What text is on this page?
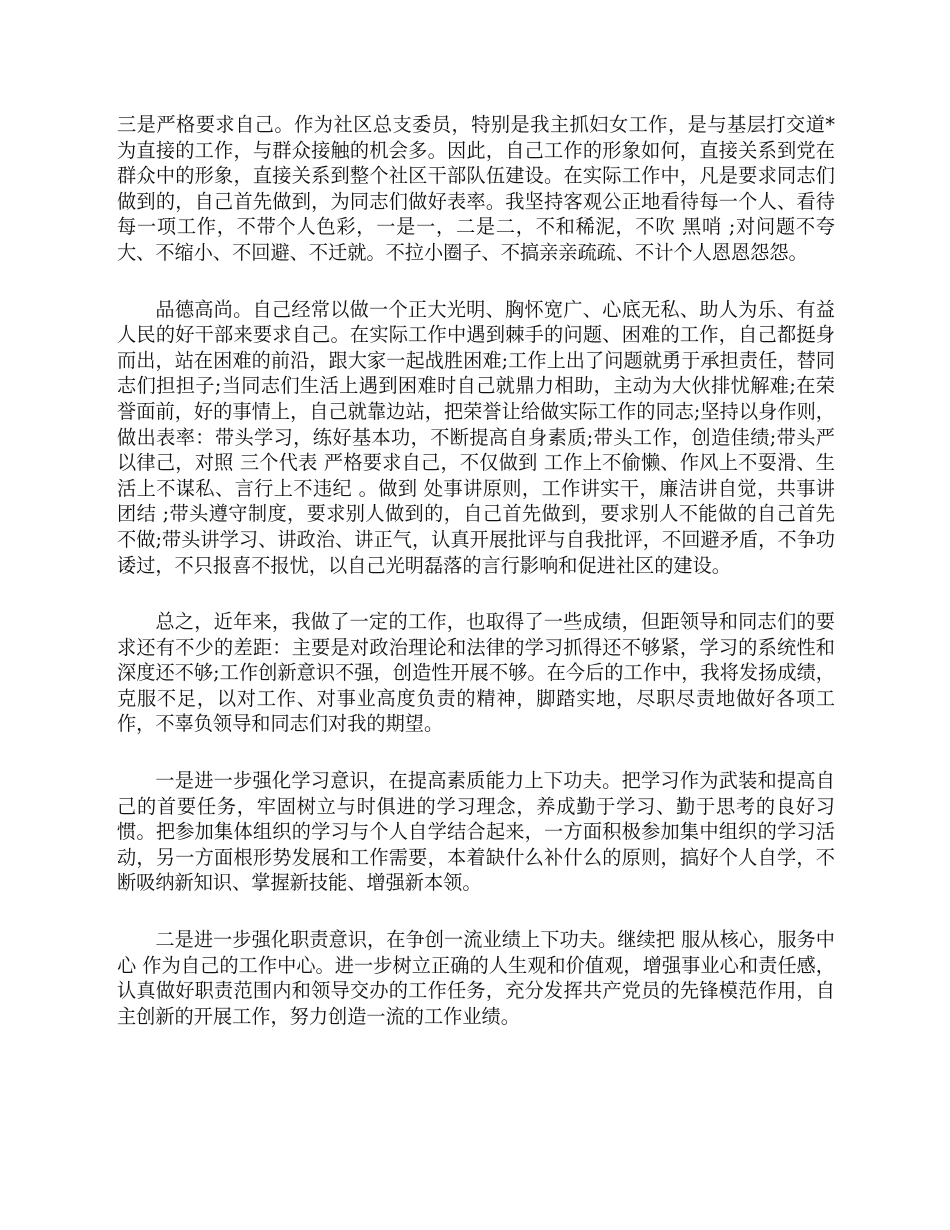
三是严格要求自己。作为社区总支委员，特别是我主抓妇女工作，是与基层打交道*为直接的工作，与群众接触的机会多。因此，自己工作的形象如何，直接关系到党在群众中的形象，直接关系到整个社区干部队伍建设。在实际工作中，凡是要求同志们做到的，自己首先做到，为同志们做好表率。我坚持客观公正地看待每一个人、看待每一项工作，不带个人色彩，一是一，二是二，不和稀泥，不吹 黑哨 ;对问题不夸大、不缩小、不回避、不迁就。不拉小圈子、不搞亲亲疏疏、不计个人恩恩怨怨。

品德高尚。自己经常以做一个正大光明、胸怀宽广、心底无私、助人为乐、有益人民的好干部来要求自己。在实际工作中遇到棘手的问题、困难的工作，自己都挺身而出，站在困难的前沿，跟大家一起战胜困难;工作上出了问题就勇于承担责任，替同志们担担子;当同志们生活上遇到困难时自己就鼎力相助，主动为大伙排忧解难;在荣誉面前，好的事情上，自己就靠边站，把荣誉让给做实际工作的同志;坚持以身作则，做出表率：带头学习，练好基本功，不断提高自身素质;带头工作，创造佳绩;带头严以律己，对照 三个代表 严格要求自己，不仅做到 工作上不偷懒、作风上不耍滑、生活上不谋私、言行上不违纪 。做到 处事讲原则，工作讲实干，廉洁讲自觉，共事讲团结 ;带头遵守制度，要求别人做到的，自己首先做到，要求别人不能做的自己首先不做;带头讲学习、讲政治、讲正气，认真开展批评与自我批评，不回避矛盾，不争功诿过，不只报喜不报忧，以自己光明磊落的言行影响和促进社区的建设。

总之，近年来，我做了一定的工作，也取得了一些成绩，但距领导和同志们的要求还有不少的差距：主要是对政治理论和法律的学习抓得还不够紧，学习的系统性和深度还不够;工作创新意识不强，创造性开展不够。在今后的工作中，我将发扬成绩，克服不足，以对工作、对事业高度负责的精神，脚踏实地，尽职尽责地做好各项工作，不辜负领导和同志们对我的期望。

一是进一步强化学习意识，在提高素质能力上下功夫。把学习作为武装和提高自己的首要任务，牢固树立与时俱进的学习理念，养成勤于学习、勤于思考的良好习惯。把参加集体组织的学习与个人自学结合起来，一方面积极参加集中组织的学习活动，另一方面根形势发展和工作需要，本着缺什么补什么的原则，搞好个人自学，不断吸纳新知识、掌握新技能、增强新本领。

二是进一步强化职责意识，在争创一流业绩上下功夫。继续把 服从核心，服务中心 作为自己的工作中心。进一步树立正确的人生观和价值观，增强事业心和责任感，认真做好职责范围内和领导交办的工作任务，充分发挥共产党员的先锋模范作用，自主创新的开展工作，努力创造一流的工作业绩。
